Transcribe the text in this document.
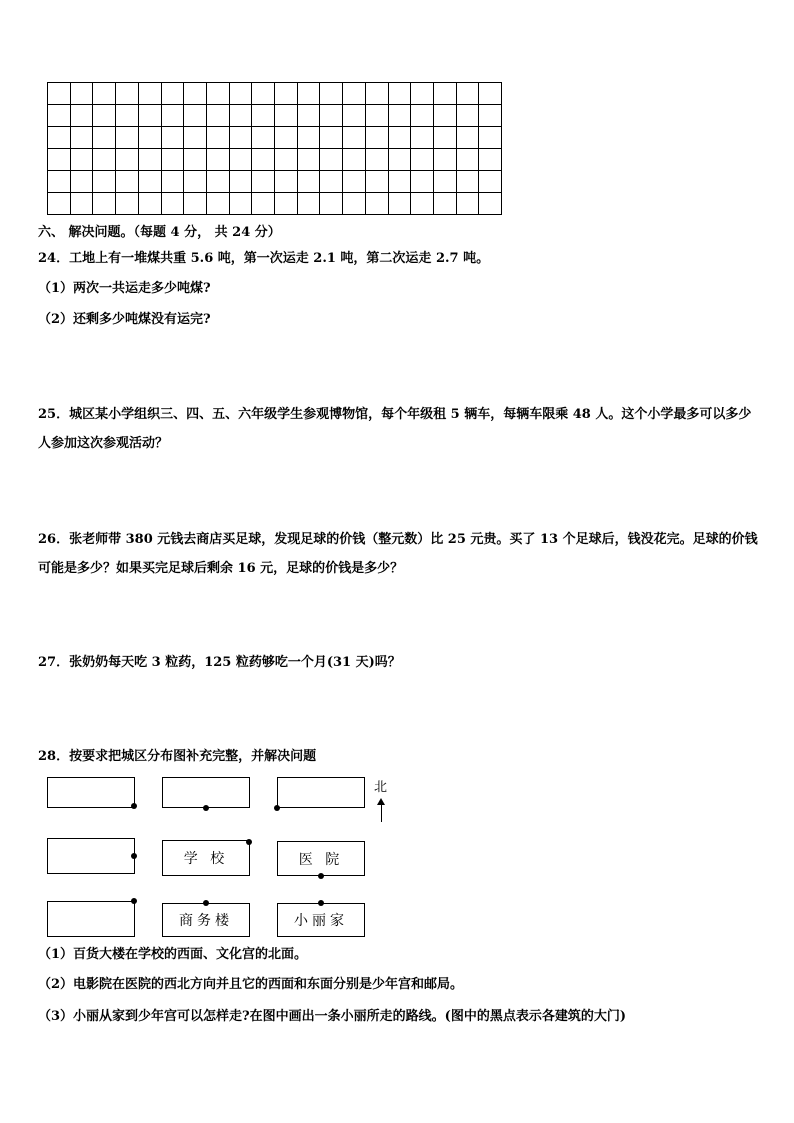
六、 解决问题。（每题 4 分， 共 24 分）
24．工地上有一堆煤共重 5.6 吨，第一次运走 2.1 吨，第二次运走 2.7 吨。
（1）两次一共运走多少吨煤?
（2）还剩多少吨煤没有运完?
25．城区某小学组织三、四、五、六年级学生参观博物馆，每个年级租 5 辆车，每辆车限乘 48 人。这个小学最多可以多少人参加这次参观活动？
26．张老师带 380 元钱去商店买足球，发现足球的价钱（整元数）比 25 元贵。买了 13 个足球后，钱没花完。足球的价钱可能是多少？如果买完足球后剩余 16 元，足球的价钱是多少？
27．张奶奶每天吃 3 粒药，125 粒药够吃一个月(31 天)吗？
28．按要求把城区分布图补充完整，并解决问题
北
学 校	医 院
商务楼	小丽家
（1）百货大楼在学校的西面、文化宫的北面。
（2）电影院在医院的西北方向并且它的西面和东面分别是少年宫和邮局。
（3）小丽从家到少年宫可以怎样走?在图中画出一条小丽所走的路线。(图中的黑点表示各建筑的大门)
